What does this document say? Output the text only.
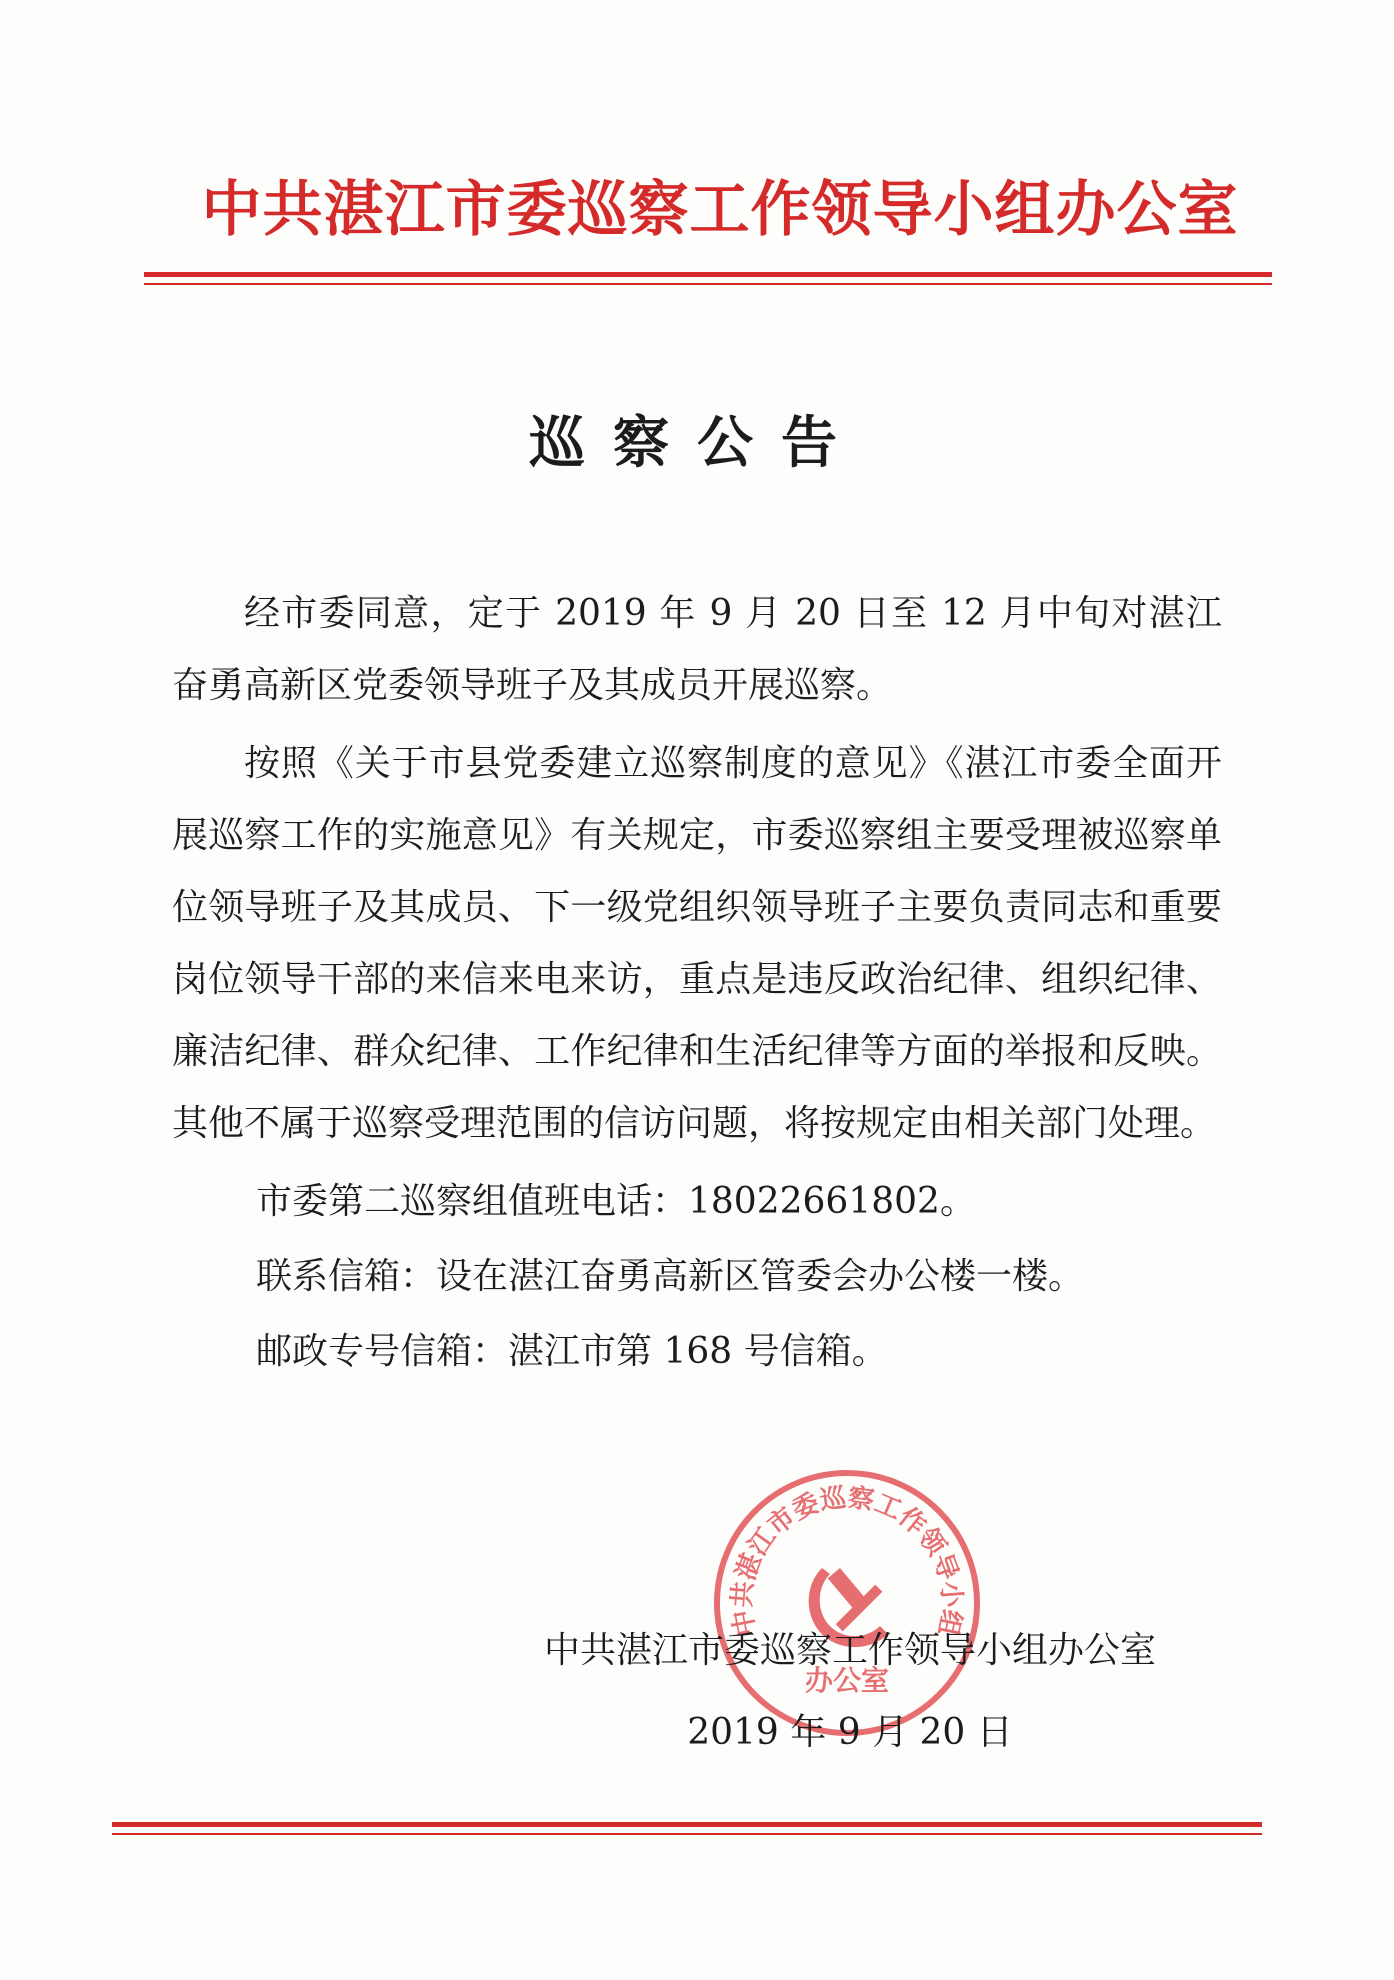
中共湛江市委巡察工作领导小组办公室
巡察公告

经市委同意，定于 2019 年 9 月 20 日至 12 月中旬对湛江奋勇高新区党委领导班子及其成员开展巡察。

按照《关于市县党委建立巡察制度的意见》《湛江市委全面开展巡察工作的实施意见》有关规定，市委巡察组主要受理被巡察单位领导班子及其成员、下一级党组织领导班子主要负责同志和重要岗位领导干部的来信来电来访，重点是违反政治纪律、组织纪律、廉洁纪律、群众纪律、工作纪律和生活纪律等方面的举报和反映。其他不属于巡察受理范围的信访问题，将按规定由相关部门处理。

市委第二巡察组值班电话：18022661802。

联系信箱：设在湛江奋勇高新区管委会办公楼一楼。

邮政专号信箱：湛江市第 168 号信箱。

中共湛江市委巡察工作领导小组
办公室
中共湛江市委巡察工作领导小组办公室
2019 年 9 月 20 日
